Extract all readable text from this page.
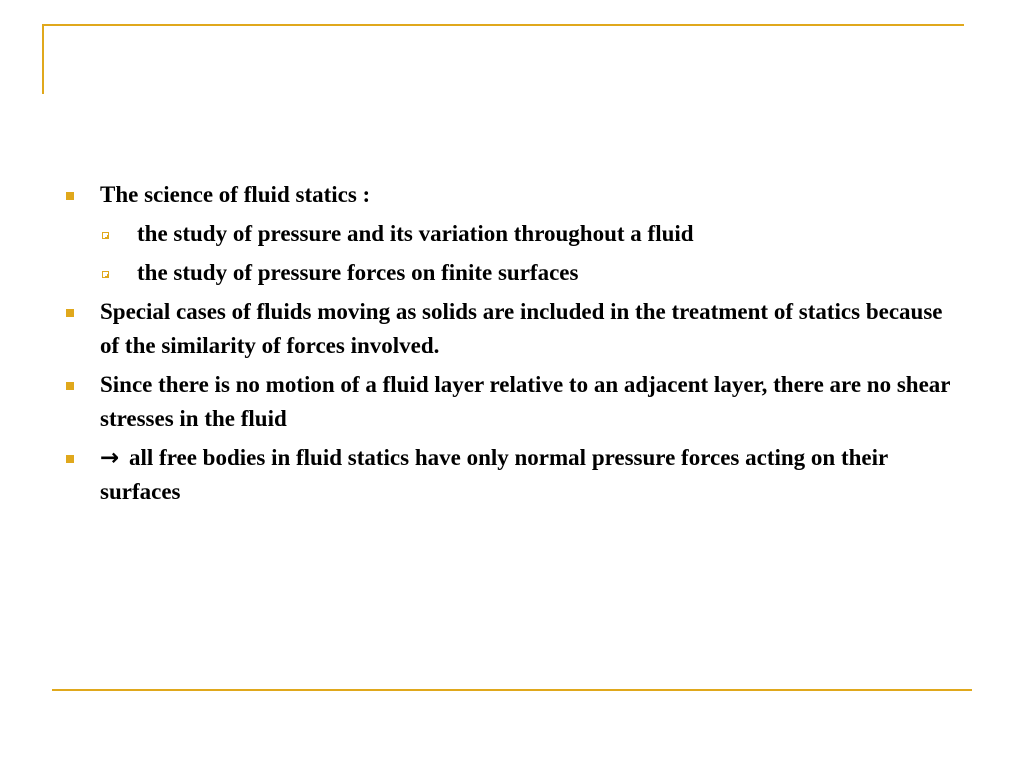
The science of fluid statics :
the study of pressure and its variation throughout a fluid
the study of pressure forces on finite surfaces
Special cases of fluids moving as solids are included in the treatment of statics because of the similarity of forces involved.
Since there is no motion of a fluid layer relative to an adjacent layer, there are no shear stresses in the fluid
→ all free bodies in fluid statics have only normal pressure forces acting on their surfaces
